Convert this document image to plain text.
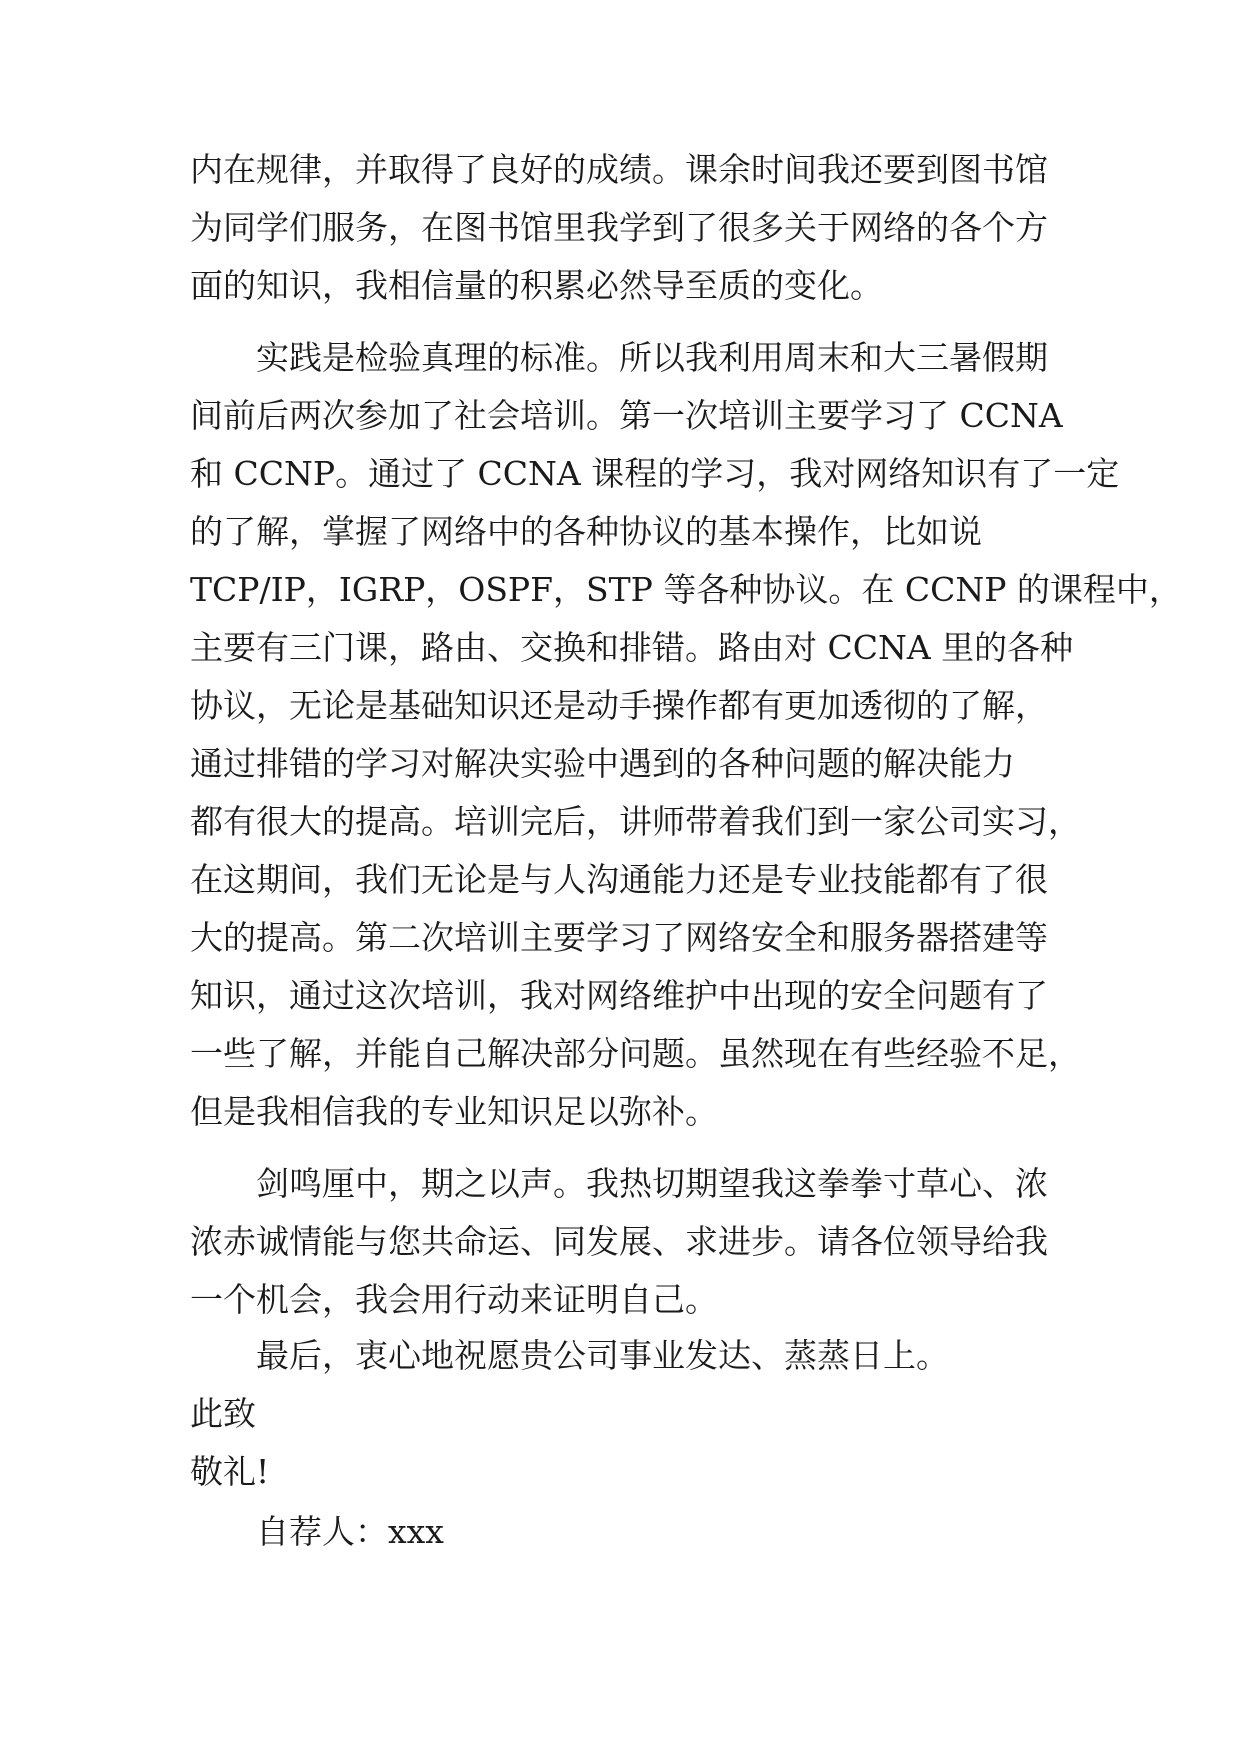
内在规律，并取得了良好的成绩。课余时间我还要到图书馆

为同学们服务，在图书馆里我学到了很多关于网络的各个方

面的知识，我相信量的积累必然导至质的变化。

实践是检验真理的标准。所以我利用周末和大三暑假期

间前后两次参加了社会培训。第一次培训主要学习了 CCNA

和 CCNP。通过了 CCNA 课程的学习，我对网络知识有了一定

的了解，掌握了网络中的各种协议的基本操作，比如说

TCP/IP，IGRP，OSPF，STP 等各种协议。在 CCNP 的课程中，

主要有三门课，路由、交换和排错。路由对 CCNA 里的各种

协议，无论是基础知识还是动手操作都有更加透彻的了解，

通过排错的学习对解决实验中遇到的各种问题的解决能力

都有很大的提高。培训完后，讲师带着我们到一家公司实习，

在这期间，我们无论是与人沟通能力还是专业技能都有了很

大的提高。第二次培训主要学习了网络安全和服务器搭建等

知识，通过这次培训，我对网络维护中出现的安全问题有了

一些了解，并能自己解决部分问题。虽然现在有些经验不足，

但是我相信我的专业知识足以弥补。

剑鸣厘中，期之以声。我热切期望我这拳拳寸草心、浓

浓赤诚情能与您共命运、同发展、求进步。请各位领导给我

一个机会，我会用行动来证明自己。

最后，衷心地祝愿贵公司事业发达、蒸蒸日上。

此致

敬礼!

自荐人：xxx
